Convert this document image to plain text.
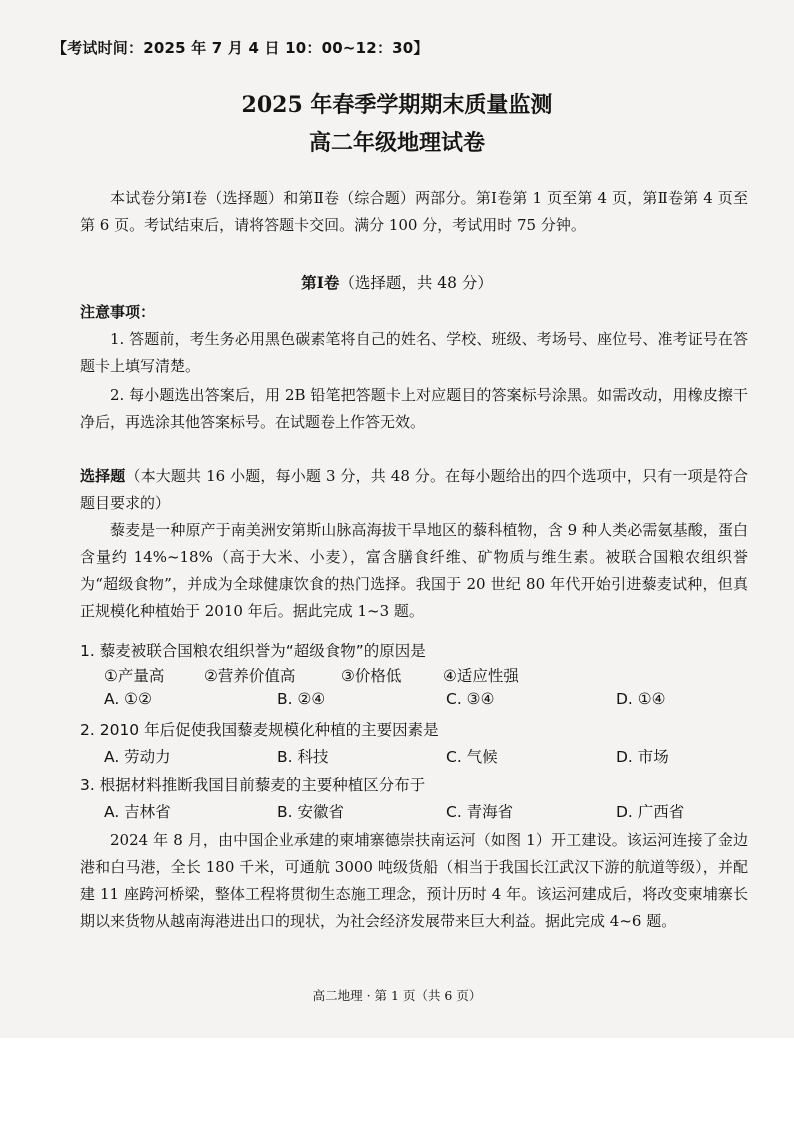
【考试时间：2025 年 7 月 4 日 10：00~12：30】
2025 年春季学期期末质量监测
高二年级地理试卷
本试卷分第Ⅰ卷（选择题）和第Ⅱ卷（综合题）两部分。第Ⅰ卷第 1 页至第 4 页，第Ⅱ卷第 4 页至第 6 页。考试结束后，请将答题卡交回。满分 100 分，考试用时 75 分钟。
第Ⅰ卷（选择题，共 48 分）
注意事项：
1. 答题前，考生务必用黑色碳素笔将自己的姓名、学校、班级、考场号、座位号、准考证号在答题卡上填写清楚。
2. 每小题选出答案后，用 2B 铅笔把答题卡上对应题目的答案标号涂黑。如需改动，用橡皮擦干净后，再选涂其他答案标号。在试题卷上作答无效。
选择题（本大题共 16 小题，每小题 3 分，共 48 分。在每小题给出的四个选项中，只有一项是符合题目要求的）
藜麦是一种原产于南美洲安第斯山脉高海拔干旱地区的藜科植物，含 9 种人类必需氨基酸，蛋白含量约 14%~18%（高于大米、小麦），富含膳食纤维、矿物质与维生素。被联合国粮农组织誉为“超级食物”，并成为全球健康饮食的热门选择。我国于 20 世纪 80 年代开始引进藜麦试种，但真正规模化种植始于 2010 年后。据此完成 1~3 题。
1. 藜麦被联合国粮农组织誉为“超级食物”的原因是
①产量高	②营养价值高	③价格低	④适应性强
A. ①②	B. ②④	C. ③④	D. ①④
2. 2010 年后促使我国藜麦规模化种植的主要因素是
A. 劳动力	B. 科技	C. 气候	D. 市场
3. 根据材料推断我国目前藜麦的主要种植区分布于
A. 吉林省	B. 安徽省	C. 青海省	D. 广西省
2024 年 8 月，由中国企业承建的柬埔寨德崇扶南运河（如图 1）开工建设。该运河连接了金边港和白马港，全长 180 千米，可通航 3000 吨级货船（相当于我国长江武汉下游的航道等级），并配建 11 座跨河桥梁，整体工程将贯彻生态施工理念，预计历时 4 年。该运河建成后，将改变柬埔寨长期以来货物从越南海港进出口的现状，为社会经济发展带来巨大利益。据此完成 4~6 题。
高二地理 · 第 1 页（共 6 页）
